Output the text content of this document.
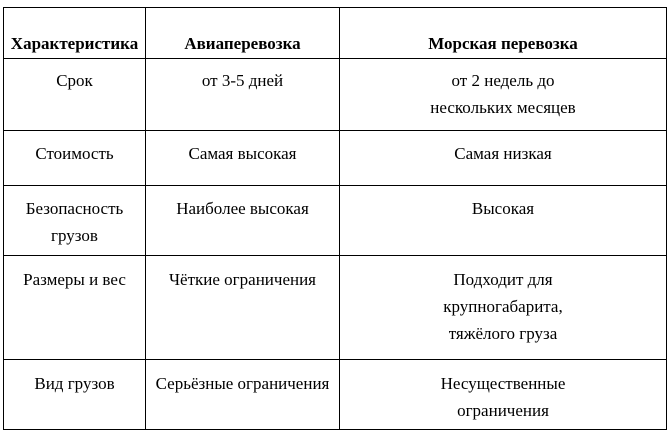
Характеристика	Авиаперевозка	Морская перевозка
Срок	от 3-5 дней	от 2 недель до нескольких месяцев
Стоимость	Самая высокая	Самая низкая
Безопасность грузов	Наиболее высокая	Высокая
Размеры и вес	Чёткие ограничения	Подходит для крупногабарита, тяжёлого груза
Вид грузов	Серьёзные ограничения	Несущественные ограничения
